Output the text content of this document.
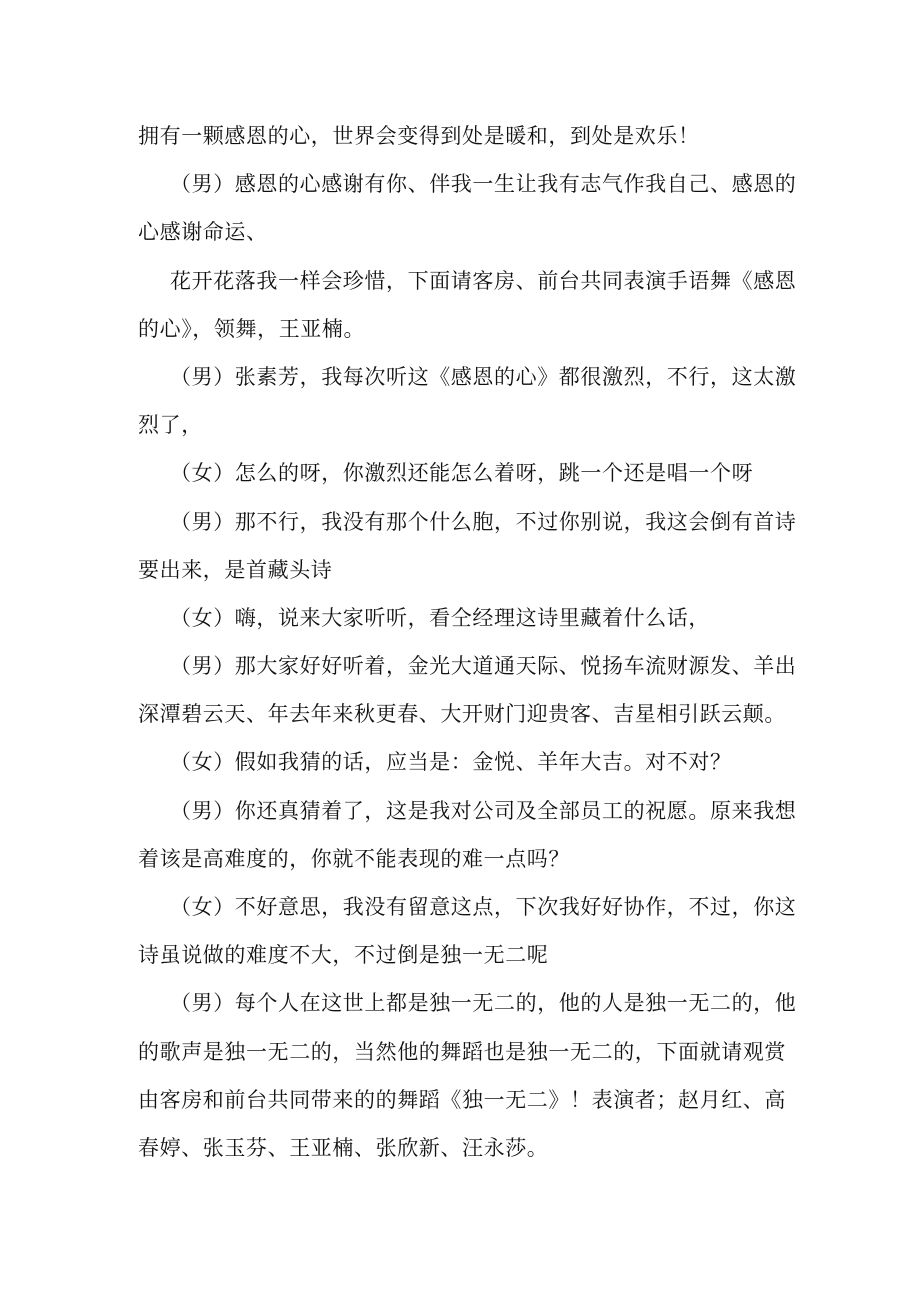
拥有一颗感恩的心，世界会变得到处是暖和，到处是欢乐！
（男）感恩的心感谢有你、伴我一生让我有志气作我自己、感恩的
心感谢命运、
花开花落我一样会珍惜，下面请客房、前台共同表演手语舞《感恩
的心》，领舞，王亚楠。
（男）张素芳，我每次听这《感恩的心》都很激烈，不行，这太激
烈了，
（女）怎么的呀，你激烈还能怎么着呀，跳一个还是唱一个呀
（男）那不行，我没有那个什么胞，不过你别说，我这会倒有首诗
要出来，是首藏头诗
（女）嗨，说来大家听听，看仝经理这诗里藏着什么话，
（男）那大家好好听着，金光大道通天际、悦扬车流财源发、羊出
深潭碧云天、年去年来秋更春、大开财门迎贵客、吉星相引跃云颠。
（女）假如我猜的话，应当是：金悦、羊年大吉。对不对？
（男）你还真猜着了，这是我对公司及全部员工的祝愿。原来我想
着该是高难度的，你就不能表现的难一点吗？
（女）不好意思，我没有留意这点，下次我好好协作，不过，你这
诗虽说做的难度不大，不过倒是独一无二呢
（男）每个人在这世上都是独一无二的，他的人是独一无二的，他
的歌声是独一无二的，当然他的舞蹈也是独一无二的，下面就请观赏
由客房和前台共同带来的的舞蹈《独一无二》！表演者；赵月红、高
春婷、张玉芬、王亚楠、张欣新、汪永莎。
